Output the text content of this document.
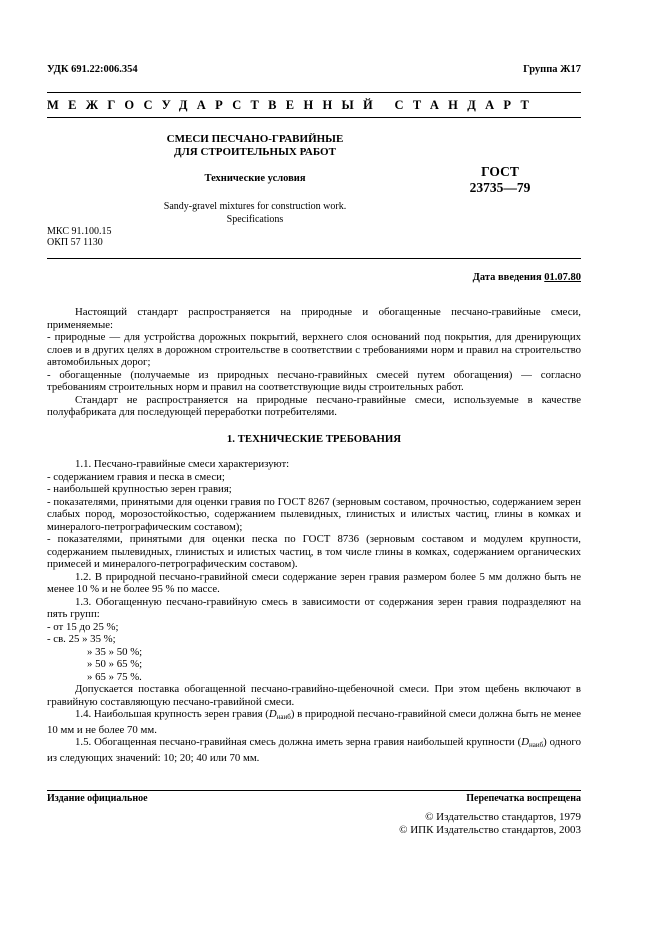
УДК 691.22:006.354	Группа Ж17
МЕЖГОСУДАРСТВЕННЫЙ СТАНДАРТ
СМЕСИ ПЕСЧАНО-ГРАВИЙНЫЕ
ДЛЯ СТРОИТЕЛЬНЫХ РАБОТ
Технические условия
Sandy-gravel mixtures for construction work.
Specifications
ГОСТ
23735—79
МКС 91.100.15
ОКП 57 1130
Дата введения 01.07.80

Настоящий стандарт распространяется на природные и обогащенные песчано-гравийные смеси, применяемые:

- природные — для устройства дорожных покрытий, верхнего слоя оснований под покрытия, для дренирующих слоев и в других целях в дорожном строительстве в соответствии с требованиями норм и правил на строительство автомобильных дорог;

- обогащенные (получаемые из природных песчано-гравийных смесей путем обогащения) — согласно требованиям строительных норм и правил на соответствующие виды строительных работ.

Стандарт не распространяется на природные песчано-гравийные смеси, используемые в качестве полуфабриката для последующей переработки потребителями.

1. ТЕХНИЧЕСКИЕ ТРЕБОВАНИЯ

1.1. Песчано-гравийные смеси характеризуют:

- содержанием гравия и песка в смеси;

- наибольшей крупностью зерен гравия;

- показателями, принятыми для оценки гравия по ГОСТ 8267 (зерновым составом, прочностью, содержанием зерен слабых пород, морозостойкостью, содержанием пылевидных, глинистых и илистых частиц, глины в комках и минералого-петрографическим составом);

- показателями, принятыми для оценки песка по ГОСТ 8736 (зерновым составом и модулем крупности, содержанием пылевидных, глинистых и илистых частиц, в том числе глины в комках, содержанием органических примесей и минералого-петрографическим составом).

1.2. В природной песчано-гравийной смеси содержание зерен гравия размером более 5 мм должно быть не менее 10 % и не более 95 % по массе.

1.3. Обогащенную песчано-гравийную смесь в зависимости от содержания зерен гравия подразделяют на пять групп:

- от 15 до 25 %;

- св. 25 » 35 %;

» 35 » 50 %;

» 50 » 65 %;

» 65 » 75 %.

Допускается поставка обогащенной песчано-гравийно-щебеночной смеси. При этом щебень включают в гравийную составляющую песчано-гравийной смеси.

1.4. Наибольшая крупность зерен гравия $(D_{наиб})$ в природной песчано-гравийной смеси должна быть не менее 10 мм и не более 70 мм.

1.5. Обогащенная песчано-гравийная смесь должна иметь зерна гравия наибольшей крупности $(D_{наиб})$ одного из следующих значений: 10; 20; 40 или 70 мм.

Издание официальное	Перепечатка воспрещена
© Издательство стандартов, 1979
© ИПК Издательство стандартов, 2003
